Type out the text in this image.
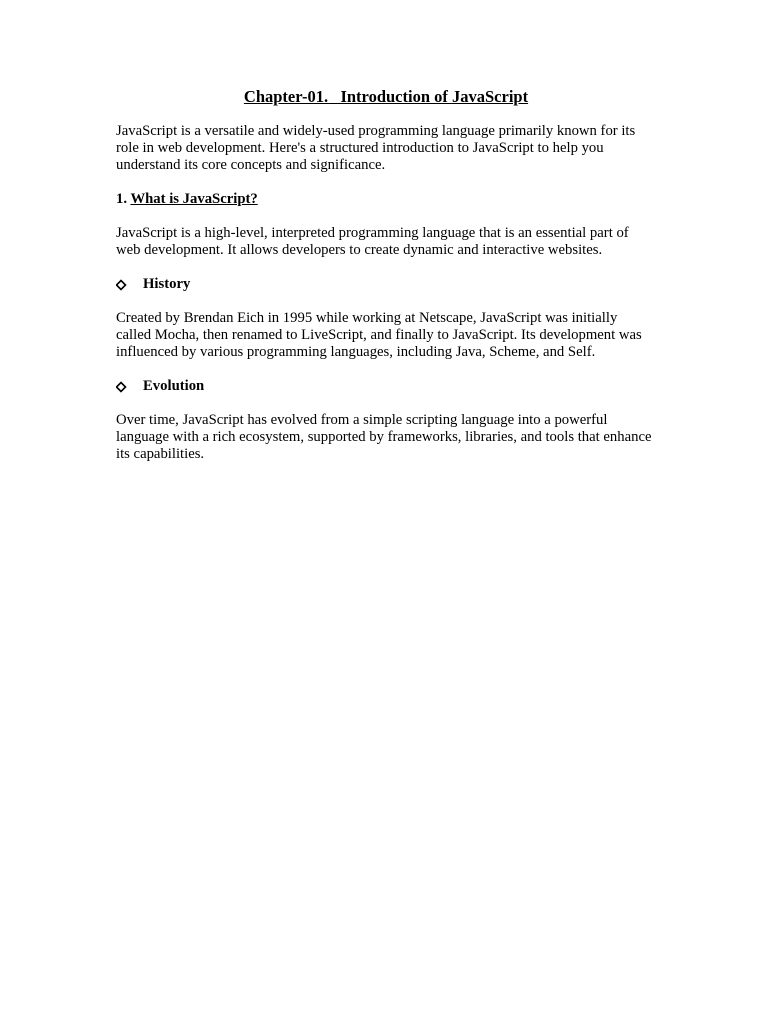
Chapter-01. Introduction of JavaScript

JavaScript is a versatile and widely-used programming language primarily known for its role in web development. Here's a structured introduction to JavaScript to help you understand its core concepts and significance.

1. What is JavaScript?

JavaScript is a high-level, interpreted programming language that is an essential part of web development. It allows developers to create dynamic and interactive websites.

History

Created by Brendan Eich in 1995 while working at Netscape, JavaScript was initially called Mocha, then renamed to LiveScript, and finally to JavaScript. Its development was influenced by various programming languages, including Java, Scheme, and Self.

Evolution

Over time, JavaScript has evolved from a simple scripting language into a powerful language with a rich ecosystem, supported by frameworks, libraries, and tools that enhance its capabilities.
